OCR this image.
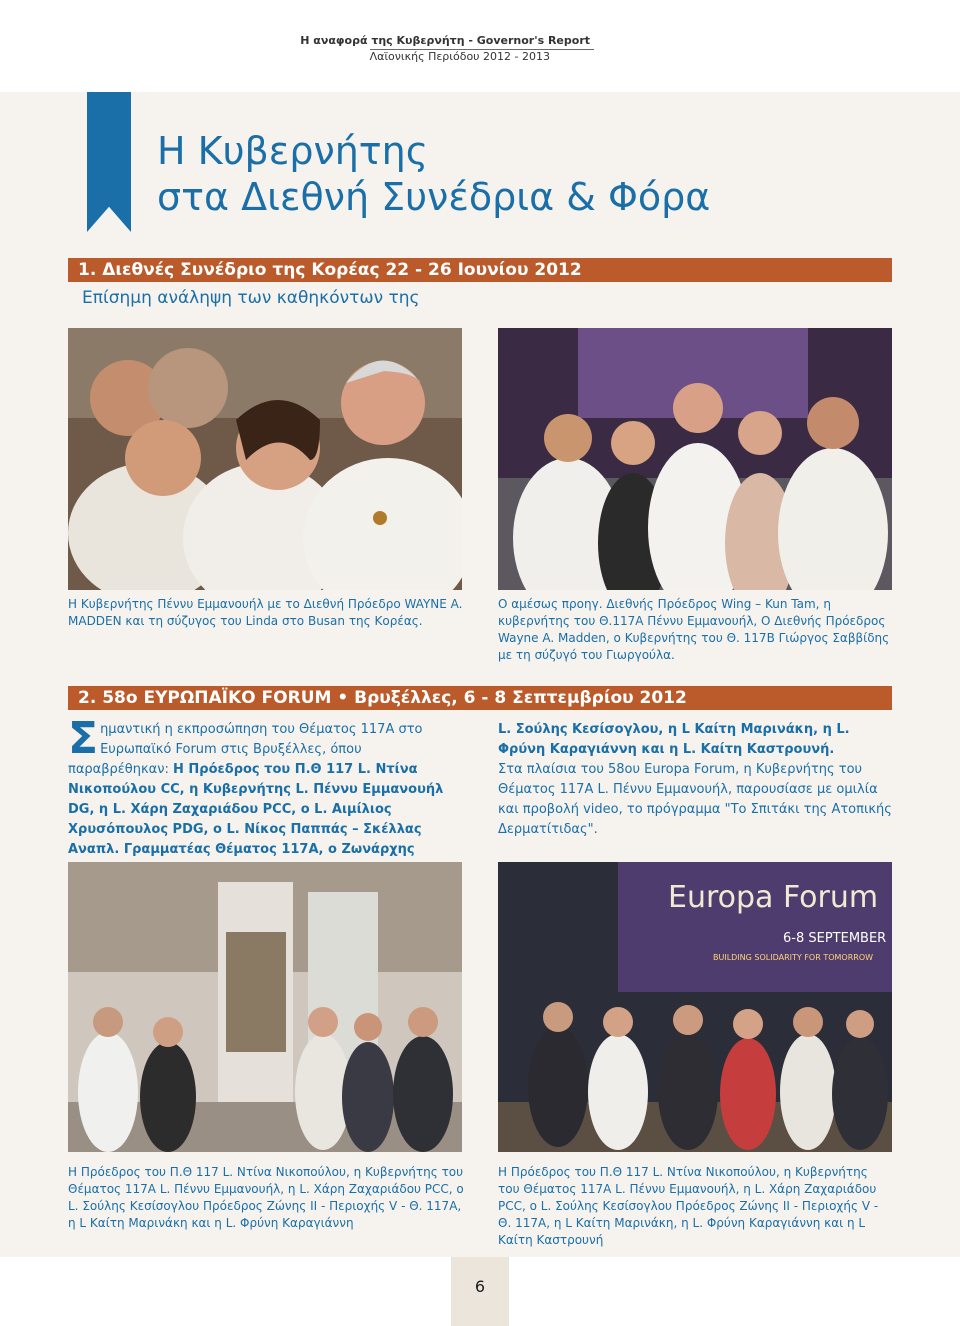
Η αναφορά της Κυβερνήτη - Governor's Report
Λαϊονικής Περιόδου 2012 - 2013
Η Κυβερνήτης
στα Διεθνή Συνέδρια & Φόρα
1. Διεθνές Συνέδριο της Κορέας 22 - 26 Ιουνίου 2012
Επίσημη ανάληψη των καθηκόντων της
Η Κυβερνήτης Πέννυ Εμμανουήλ με το Διεθνή Πρόεδρο WAYNE A. MADDEN και τη σύζυγος του Linda στο Busan της Κορέας.
Ο αμέσως προηγ. Διεθνής Πρόεδρος Wing – Kun Tam, η κυβερνήτης του Θ.117Α Πέννυ Εμμανουήλ, Ο Διεθνής Πρόεδρος Wayne A. Madden, ο Κυβερνήτης του Θ. 117Β Γιώργος Σαββίδης με τη σύζυγό του Γιωργούλα.
2. 58ο ΕΥΡΩΠΑΪΚΟ FORUM • Βρυξέλλες, 6 - 8 Σεπτεμβρίου 2012
Σ ημαντική η εκπροσώπηση του Θέματος 117Α στο Ευρωπαϊκό Forum στις Βρυξέλλες, όπου παραβρέθηκαν: Η Πρόεδρος του Π.Θ 117 L. Ντίνα Νικοπούλου CC, η Κυβερνήτης L. Πέννυ Εμμανουήλ DG, η L. Χάρη Ζαχαριάδου PCC, ο L. Αιμίλιος Χρυσόπουλος PDG, ο L. Νίκος Παππάς – Σκέλλας Αναπλ. Γραμματέας Θέματος 117Α, ο Ζωνάρχης
L. Σούλης Κεσίσογλου, η L Καίτη Μαρινάκη, η L. Φρύνη Καραγιάννη και η L. Καίτη Καστρουνή.
Στα πλαίσια του 58ου Europa Forum, η Κυβερνήτης του Θέματος 117Α L. Πέννυ Εμμανουήλ, παρουσίασε με ομιλία και προβολή video, το πρόγραμμα "Το Σπιτάκι της Ατοπικής Δερματίτιδας".
Η Πρόεδρος του Π.Θ 117 L. Ντίνα Νικοπούλου, η Κυβερνήτης του Θέματος 117Α L. Πέννυ Εμμανουήλ, η L. Χάρη Ζαχαριάδου PCC, ο L. Σούλης Κεσίσογλου Πρόεδρος Ζώνης ΙΙ - Περιοχής V - Θ. 117Α, η L Καίτη Μαρινάκη και η L. Φρύνη Καραγιάννη
Europa Forum
6-8 SEPTEMBER
BUILDING SOLIDARITY FOR TOMORROW
Η Πρόεδρος του Π.Θ 117 L. Ντίνα Νικοπούλου, η Κυβερνήτης του Θέματος 117Α L. Πέννυ Εμμανουήλ, η L. Χάρη Ζαχαριάδου PCC, ο L. Σούλης Κεσίσογλου Πρόεδρος Ζώνης ΙΙ - Περιοχής V - Θ. 117Α, η L Καίτη Μαρινάκη, η L. Φρύνη Καραγιάννη και η L Καίτη Καστρουνή
6
